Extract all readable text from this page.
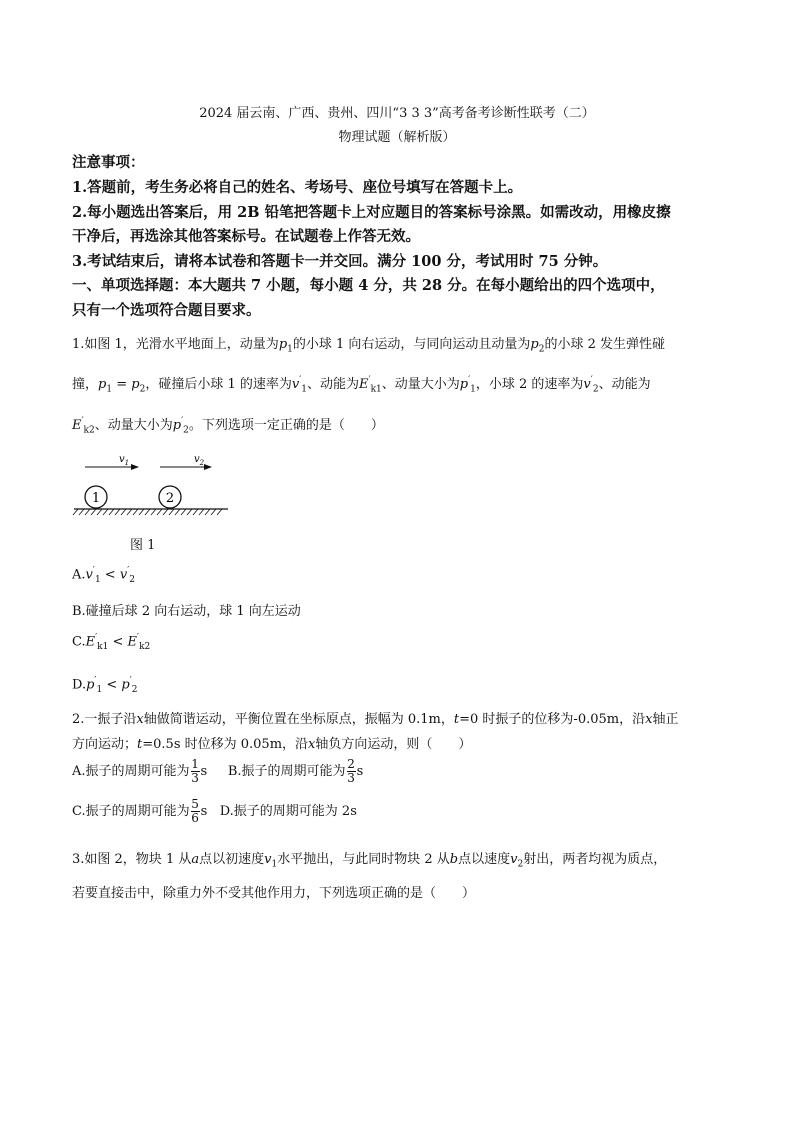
2024 届云南、广西、贵州、四川“3 3 3”高考备考诊断性联考（二）
物理试题（解析版）
注意事项：
1.答题前，考生务必将自己的姓名、考场号、座位号填写在答题卡上。
2.每小题选出答案后，用 2B 铅笔把答题卡上对应题目的答案标号涂黑。如需改动，用橡皮擦
干净后，再选涂其他答案标号。在试题卷上作答无效。
3.考试结束后，请将本试卷和答题卡一并交回。满分 100 分，考试用时 75 分钟。
一、单项选择题：本大题共 7 小题，每小题 4 分，共 28 分。在每小题给出的四个选项中，
只有一个选项符合题目要求。
1.如图 1，光滑水平地面上，动量为$p_1$的小球 1 向右运动，与同向运动且动量为$p_2$的小球 2 发生弹性碰
撞，$p_1 = p_2$，碰撞后小球 1 的速率为$v'_1$、动能为$E'_{k1}$、动量大小为$p'_1$，小球 2 的速率为$v'_2$、动能为
$E'_{k2}$、动量大小为$p'_2$。下列选项一定正确的是（　　）
$v_1$	$v_2$
1	2
图 1
$A.v'_1 < v'_2$
B.碰撞后球 2 向右运动，球 1 向左运动
$C.E'_{k1} < E'_{k2}$
$D.p'_1 < p'_2$
2.一振子沿x轴做简谐运动，平衡位置在坐标原点，振幅为 0.1m，t=0 时振子的位移为-0.05m，沿x轴正
方向运动；t=0.5s 时位移为 0.05m，沿x轴负方向运动，则（　　）
A.振子的周期可能为 $\frac{1}{3}$ s B.振子的周期可能为 $\frac{2}{3}$ s
C.振子的周期可能为 $\frac{5}{6}$ s D.振子的周期可能为 2s
3.如图 2，物块 1 从a点以初速度$v_1$水平抛出，与此同时物块 2 从b点以速度$v_2$射出，两者均视为质点，
若要直接击中，除重力外不受其他作用力，下列选项正确的是（　　）
